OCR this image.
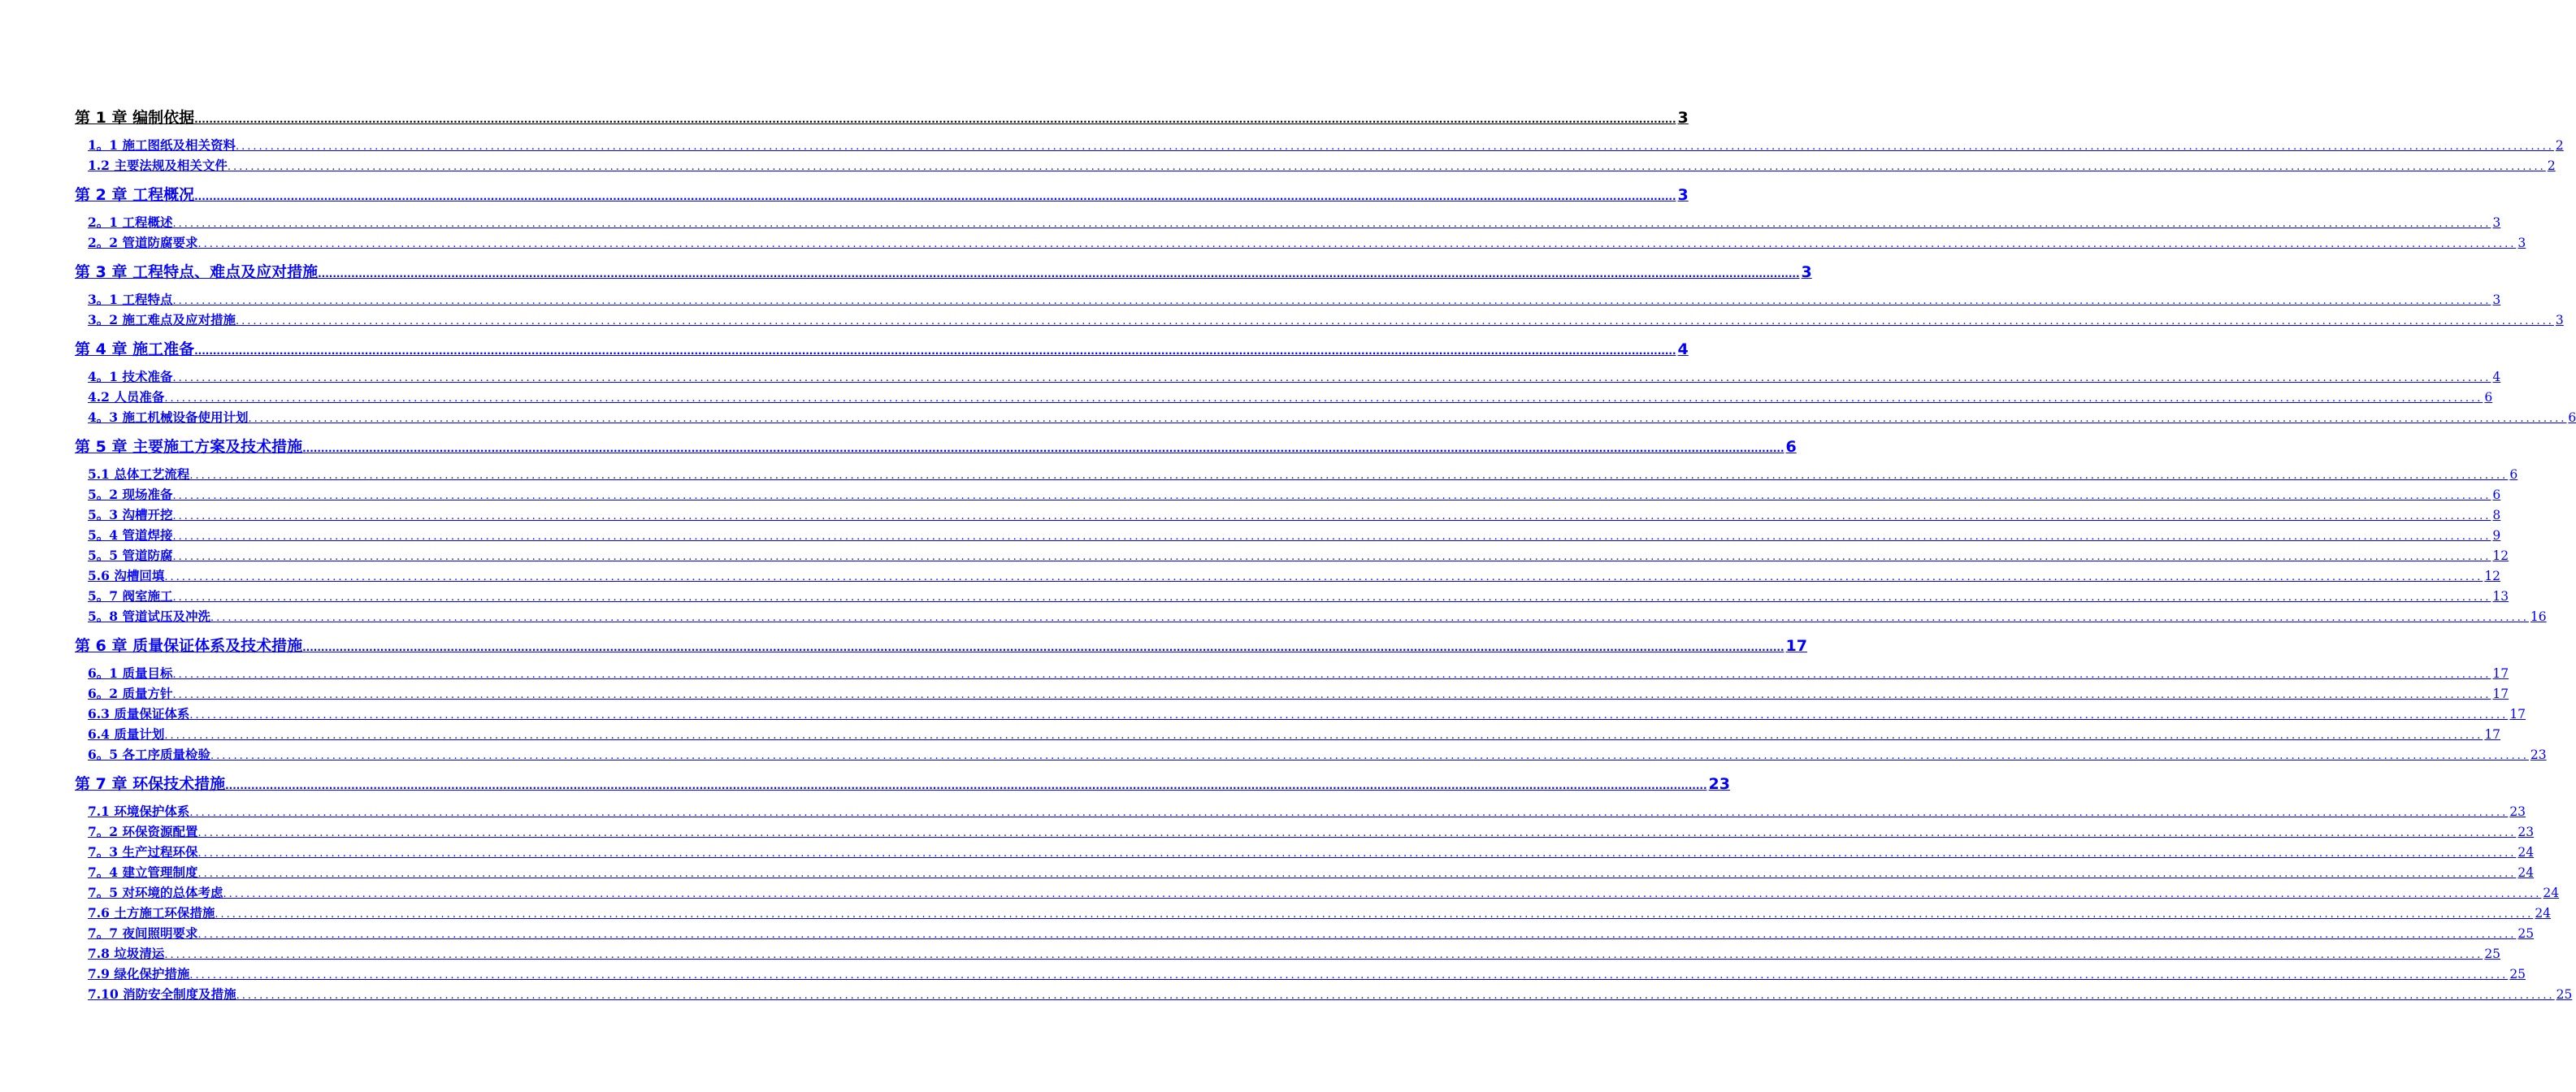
第 1 章 编制依据 ................................................................................................................................................................................................................................................................................................................................................................................................................ 3
1。1 施工图纸及相关资料 ................................................................................................................................................................................................................................................................................................................................................................................................................ 2
1.2 主要法规及相关文件 ................................................................................................................................................................................................................................................................................................................................................................................................................ 2
第 2 章 工程概况 ................................................................................................................................................................................................................................................................................................................................................................................................................ 3
2。1 工程概述 ................................................................................................................................................................................................................................................................................................................................................................................................................ 3
2。2 管道防腐要求 ................................................................................................................................................................................................................................................................................................................................................................................................................ 3
第 3 章 工程特点、难点及应对措施 ................................................................................................................................................................................................................................................................................................................................................................................................................ 3
3。1 工程特点 ................................................................................................................................................................................................................................................................................................................................................................................................................ 3
3。2 施工难点及应对措施 ................................................................................................................................................................................................................................................................................................................................................................................................................ 3
第 4 章 施工准备 ................................................................................................................................................................................................................................................................................................................................................................................................................ 4
4。1 技术准备 ................................................................................................................................................................................................................................................................................................................................................................................................................ 4
4.2 人员准备 ................................................................................................................................................................................................................................................................................................................................................................................................................ 6
4。3 施工机械设备使用计划 ................................................................................................................................................................................................................................................................................................................................................................................................................ 6
第 5 章 主要施工方案及技术措施 ................................................................................................................................................................................................................................................................................................................................................................................................................ 6
5.1 总体工艺流程 ................................................................................................................................................................................................................................................................................................................................................................................................................ 6
5。2 现场准备 ................................................................................................................................................................................................................................................................................................................................................................................................................ 6
5。3 沟槽开挖 ................................................................................................................................................................................................................................................................................................................................................................................................................ 8
5。4 管道焊接 ................................................................................................................................................................................................................................................................................................................................................................................................................ 9
5。5 管道防腐 ................................................................................................................................................................................................................................................................................................................................................................................................................ 12
5.6 沟槽回填 ................................................................................................................................................................................................................................................................................................................................................................................................................ 12
5。7 阀室施工 ................................................................................................................................................................................................................................................................................................................................................................................................................ 13
5。8 管道试压及冲洗 ................................................................................................................................................................................................................................................................................................................................................................................................................ 16
第 6 章 质量保证体系及技术措施 ................................................................................................................................................................................................................................................................................................................................................................................................................ 17
6。1 质量目标 ................................................................................................................................................................................................................................................................................................................................................................................................................ 17
6。2 质量方针 ................................................................................................................................................................................................................................................................................................................................................................................................................ 17
6.3 质量保证体系 ................................................................................................................................................................................................................................................................................................................................................................................................................ 17
6.4 质量计划 ................................................................................................................................................................................................................................................................................................................................................................................................................ 17
6。5 各工序质量检验 ................................................................................................................................................................................................................................................................................................................................................................................................................ 23
第 7 章 环保技术措施 ................................................................................................................................................................................................................................................................................................................................................................................................................ 23
7.1 环境保护体系 ................................................................................................................................................................................................................................................................................................................................................................................................................ 23
7。2 环保资源配置 ................................................................................................................................................................................................................................................................................................................................................................................................................ 23
7。3 生产过程环保 ................................................................................................................................................................................................................................................................................................................................................................................................................ 24
7。4 建立管理制度 ................................................................................................................................................................................................................................................................................................................................................................................................................ 24
7。5 对环境的总体考虑 ................................................................................................................................................................................................................................................................................................................................................................................................................ 24
7.6 土方施工环保措施 ................................................................................................................................................................................................................................................................................................................................................................................................................ 24
7。7 夜间照明要求 ................................................................................................................................................................................................................................................................................................................................................................................................................ 25
7.8 垃圾清运 ................................................................................................................................................................................................................................................................................................................................................................................................................ 25
7.9 绿化保护措施 ................................................................................................................................................................................................................................................................................................................................................................................................................ 25
7.10 消防安全制度及措施 ................................................................................................................................................................................................................................................................................................................................................................................................................ 25
